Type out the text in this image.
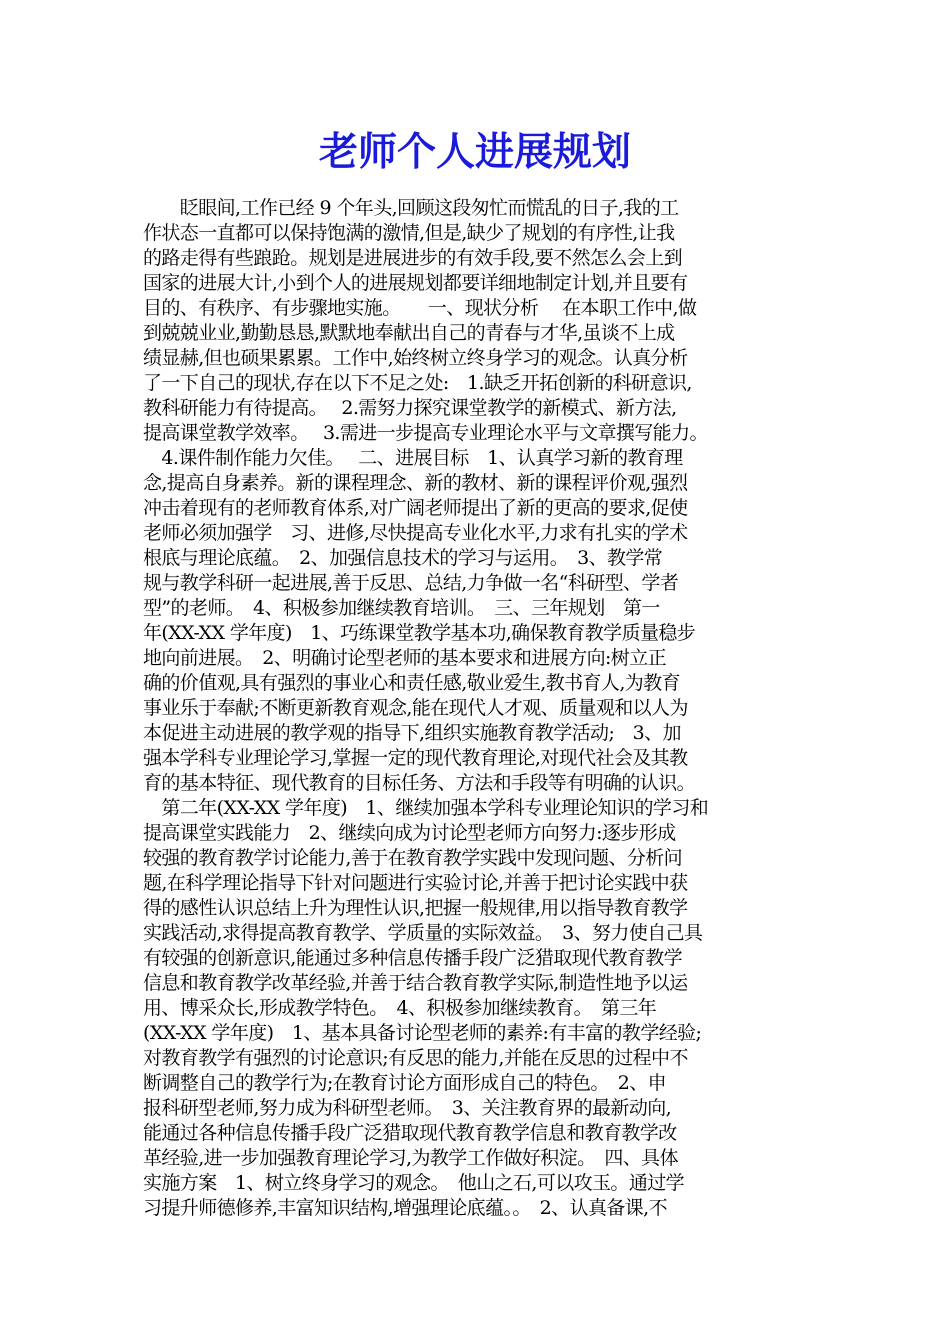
老师个人进展规划
　　眨眼间,工作已经 9 个年头,回顾这段匆忙而慌乱的日子,我的工
作状态一直都可以保持饱满的激情,但是,缺少了规划的有序性,让我
的路走得有些踉跄。规划是进展进步的有效手段,要不然怎么会上到
国家的进展大计,小到个人的进展规划都要详细地制定计划,并且要有
目的、有秩序、有步骤地实施。　　一、现状分析　 在本职工作中,做
到兢兢业业,勤勤恳恳,默默地奉献出自己的青春与才华,虽谈不上成
绩显赫,但也硕果累累。工作中,始终树立终身学习的观念。认真分析
了一下自己的现状,存在以下不足之处:　1.缺乏开拓创新的科研意识,
教科研能力有待提高。　 2.需努力探究课堂教学的新模式、新方法,
提高课堂教学效率。　 3.需进一步提高专业理论水平与文章撰写能力。
　4.课件制作能力欠佳。　 二、进展目标　1、认真学习新的教育理
念,提高自身素养。新的课程理念、新的教材、新的课程评价观,强烈
冲击着现有的老师教育体系,对广阔老师提出了新的更高的要求,促使
老师必须加强学　习、进修,尽快提高专业化水平,力求有扎实的学术
根底与理论底蕴。　2、加强信息技术的学习与运用。　3、教学常
规与教学科研一起进展,善于反思、总结,力争做一名“科研型、学者
型”的老师。　4、积极参加继续教育培训。　三、三年规划　第一
年(XX-XX 学年度)　1、巧练课堂教学基本功,确保教育教学质量稳步
地向前进展。　2、明确讨论型老师的基本要求和进展方向:树立正
确的价值观,具有强烈的事业心和责任感,敬业爱生,教书育人,为教育
事业乐于奉献;不断更新教育观念,能在现代人才观、质量观和以人为
本促进主动进展的教学观的指导下,组织实施教育教学活动;　3、加
强本学科专业理论学习,掌握一定的现代教育理论,对现代社会及其教
育的基本特征、现代教育的目标任务、方法和手段等有明确的认识。
　第二年(XX-XX 学年度)　1、继续加强本学科专业理论知识的学习和
提高课堂实践能力　2、继续向成为讨论型老师方向努力:逐步形成
较强的教育教学讨论能力,善于在教育教学实践中发现问题、分析问
题,在科学理论指导下针对问题进行实验讨论,并善于把讨论实践中获
得的感性认识总结上升为理性认识,把握一般规律,用以指导教育教学
实践活动,求得提高教育教学、学质量的实际效益。　3、努力使自己具
有较强的创新意识,能通过多种信息传播手段广泛猎取现代教育教学
信息和教育教学改革经验,并善于结合教育教学实际,制造性地予以运
用、博采众长,形成教学特色。　4、积极参加继续教育。　第三年
(XX-XX 学年度)　1、基本具备讨论型老师的素养:有丰富的教学经验;
对教育教学有强烈的讨论意识;有反思的能力,并能在反思的过程中不
断调整自己的教学行为;在教育讨论方面形成自己的特色。　2、申
报科研型老师,努力成为科研型老师。　3、关注教育界的最新动向,
能通过各种信息传播手段广泛猎取现代教育教学信息和教育教学改
革经验,进一步加强教育理论学习,为教学工作做好积淀。　四、具体
实施方案　1、树立终身学习的观念。　他山之石,可以攻玉。通过学
习提升师德修养,丰富知识结构,增强理论底蕴。。　2、认真备课,不
